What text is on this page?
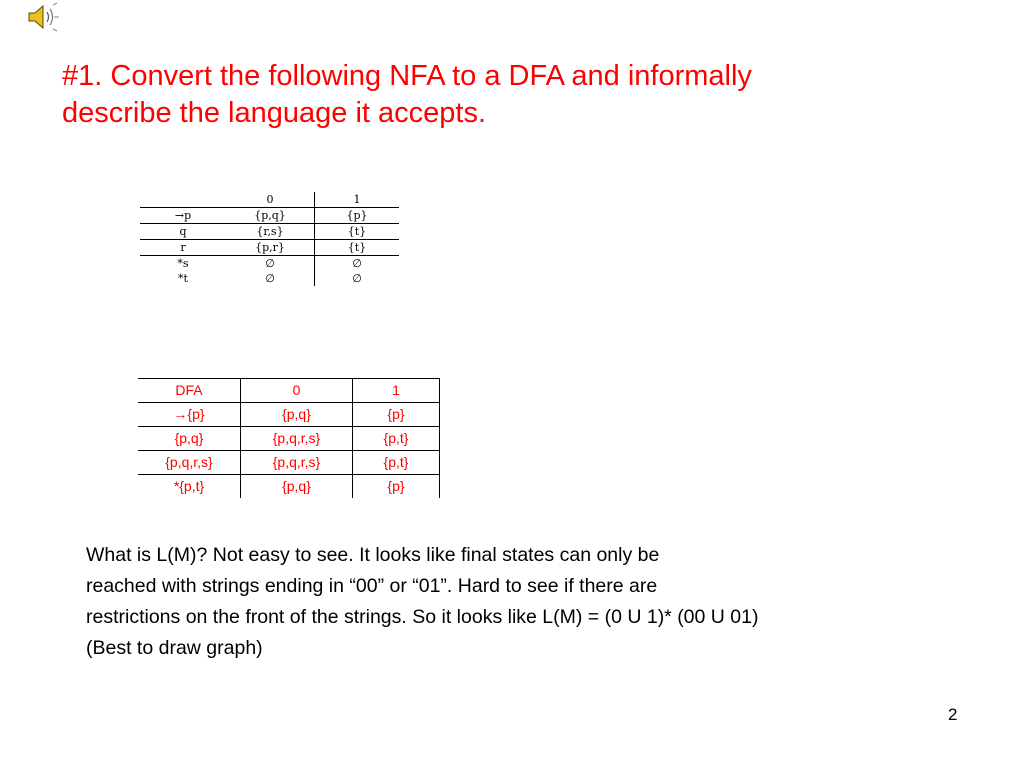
#1. Convert the following NFA to a DFA and informally
describe the language it accepts.
	0	1
→p	{p,q}	{p}
q	{r,s}	{t}
r	{p,r}	{t}
*s	∅	∅
*t	∅	∅
DFA	0	1
→{p}	{p,q}	{p}
{p,q}	{p,q,r,s}	{p,t}
{p,q,r,s}	{p,q,r,s}	{p,t}
*{p,t}	{p,q}	{p}
What is L(M)? Not easy to see. It looks like final states can only be
reached with strings ending in “00” or “01”. Hard to see if there are
restrictions on the front of the strings. So it looks like L(M) = (0 U 1)* (00 U 01)
(Best to draw graph)
2
